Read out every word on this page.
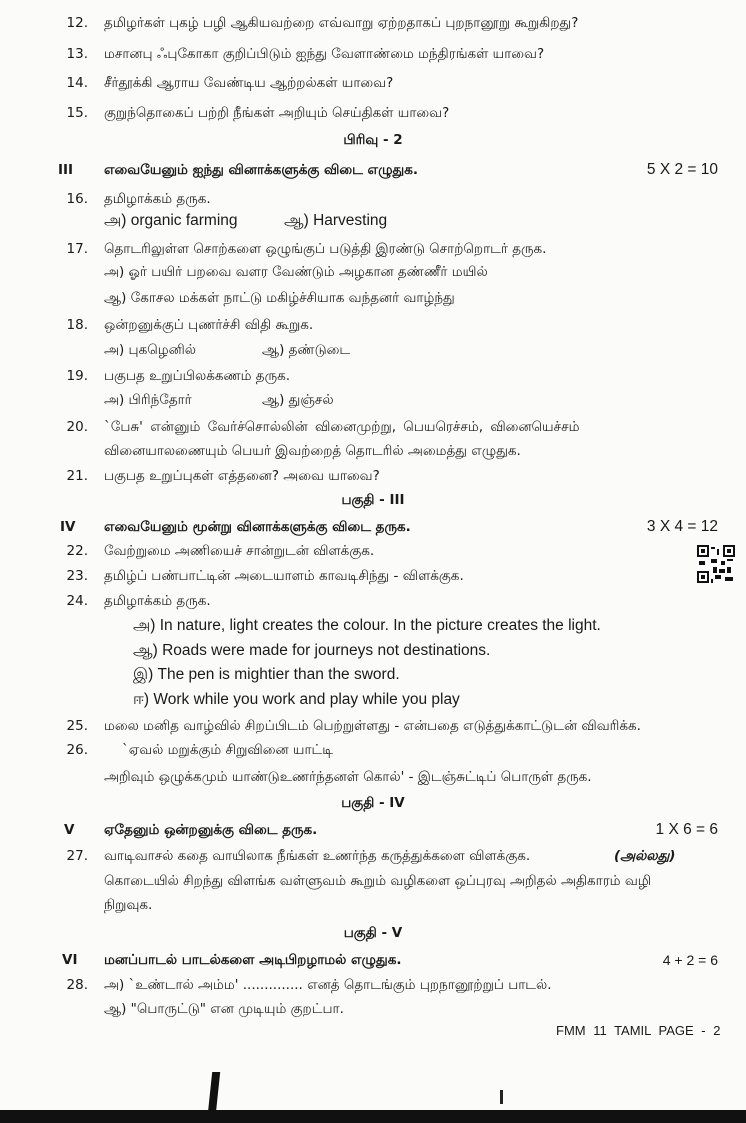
12. தமிழர்கள் புகழ் பழி ஆகியவற்றை எவ்வாறு ஏற்றதாகப் புறநானூறு கூறுகிறது?
13. மசானபு ஃபுகோகா குறிப்பிடும் ஐந்து வேளாண்மை மந்திரங்கள் யாவை?
14. சீர்தூக்கி ஆராய வேண்டிய ஆற்றல்கள் யாவை?
15. குறுந்தொகைப் பற்றி நீங்கள் அறியும் செய்திகள் யாவை?
பிரிவு - 2
III	எவையேனும் ஐந்து வினாக்களுக்கு விடை எழுதுக.	5 X 2 = 10
16. தமிழாக்கம் தருக.
அ) organic farming	ஆ) Harvesting
17. தொடரிலுள்ள சொற்களை ஒழுங்குப் படுத்தி இரண்டு சொற்றொடர் தருக.
அ) ஓர் பயிர் பறவை வளர வேண்டும் அழகான தண்ணீர் மயில்
ஆ) கோசல மக்கள் நாட்டு மகிழ்ச்சியாக வந்தனர் வாழ்ந்து
18. ஒன்றனுக்குப் புணர்ச்சி விதி கூறுக.
அ) புகழெனில்	ஆ) தண்டுடை
19. பகுபத உறுப்பிலக்கணம் தருக.
அ) பிரிந்தோர்	ஆ) துஞ்சல்
20. `பேசு' என்னும் வேர்ச்சொல்லின் வினைமுற்று, பெயரெச்சம், வினையெச்சம்
வினையாலணையும் பெயர் இவற்றைத் தொடரில் அமைத்து எழுதுக.
21. பகுபத உறுப்புகள் எத்தனை? அவை யாவை?
பகுதி - III
IV	எவையேனும் மூன்று வினாக்களுக்கு விடை தருக.	3 X 4 = 12
22. வேற்றுமை அணியைச் சான்றுடன் விளக்குக.
23. தமிழ்ப் பண்பாட்டின் அடையாளம் காவடிசிந்து - விளக்குக.
24. தமிழாக்கம் தருக.
அ) In nature, light creates the colour. In the picture creates the light.
ஆ) Roads were made for journeys not destinations.
இ) The pen is mightier than the sword.
ஈ) Work while you work and play while you play
25. மலை மனித வாழ்வில் சிறப்பிடம் பெற்றுள்ளது - என்பதை எடுத்துக்காட்டுடன் விவரிக்க.
26.	`ஏவல் மறுக்கும் சிறுவினை யாட்டி
அறிவும் ஒழுக்கமும் யாண்டுஉணர்ந்தனள் கொல்' - இடஞ்சுட்டிப் பொருள் தருக.
பகுதி - IV
V	ஏதேனும் ஒன்றனுக்கு விடை தருக.	1 X 6 = 6
27. வாடிவாசல் கதை வாயிலாக நீங்கள் உணர்ந்த கருத்துக்களை விளக்குக.	(அல்லது)
கொடையில் சிறந்து விளங்க வள்ளுவம் கூறும் வழிகளை ஒப்புரவு அறிதல் அதிகாரம் வழி
நிறுவுக.
பகுதி - V
VI	மனப்பாடல் பாடல்களை அடிபிறழாமல் எழுதுக.	4 + 2 = 6
28. அ) `உண்டால் அம்ம' .............. எனத் தொடங்கும் புறநானூற்றுப் பாடல்.
ஆ) "பொருட்டு" என முடியும் குறட்பா.
FMM 11 TAMIL PAGE - 2
